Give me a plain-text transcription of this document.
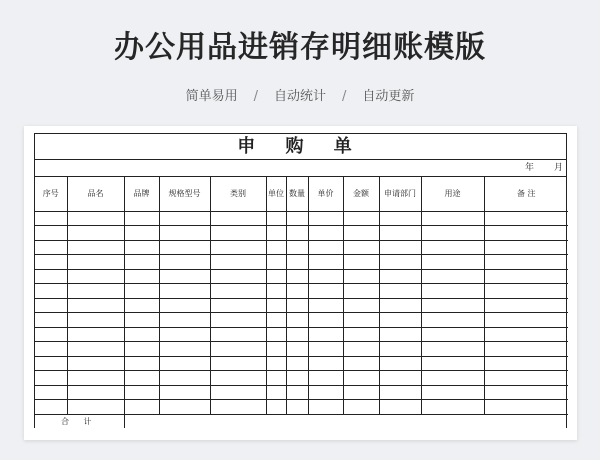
办公用品进销存明细账模版
简单易用 / 自动统计 / 自动更新
申 购 单
年 月
序号	品名	品牌	规格型号	类别	单位	数量	单价	金额	申请部门	用途	备 注

合 计											
